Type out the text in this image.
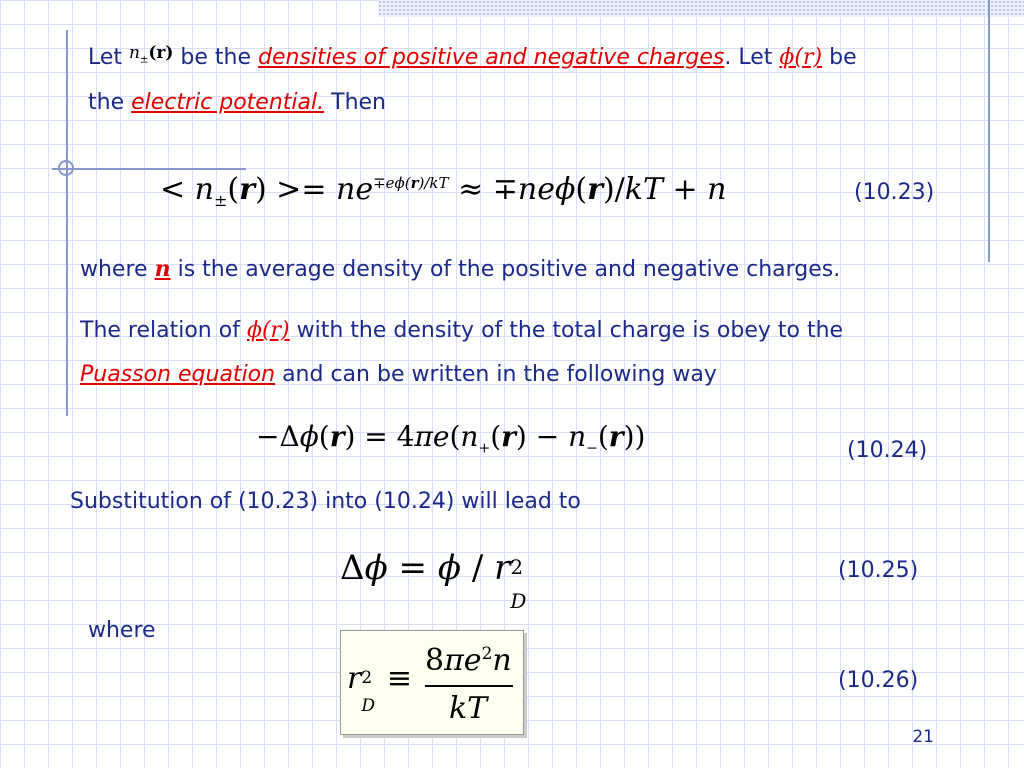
Let $^{n_\pm(r)}$ be the densities of positive and negative charges. Let ϕ(r) be
the electric potential. Then
< $n_\pm(r) >= ne^{\mp e\phi(r)/kT} \approx \mp ne\phi(r)/kT + n$	(10.23)
where n is the average density of the positive and negative charges.
The relation of ϕ(r) with the density of the total charge is obey to the
Puasson equation and can be written in the following way
$-\Delta\phi(r) = 4\pi e(n_+(r) - n_-(r))$	(10.24)
Substitution of (10.23) into (10.24) will lead to
Δϕ = ϕ / r 2
D
(10.25)
where
r 2
D
≡
$8\pi e^2n$
kT
(10.26)
21
